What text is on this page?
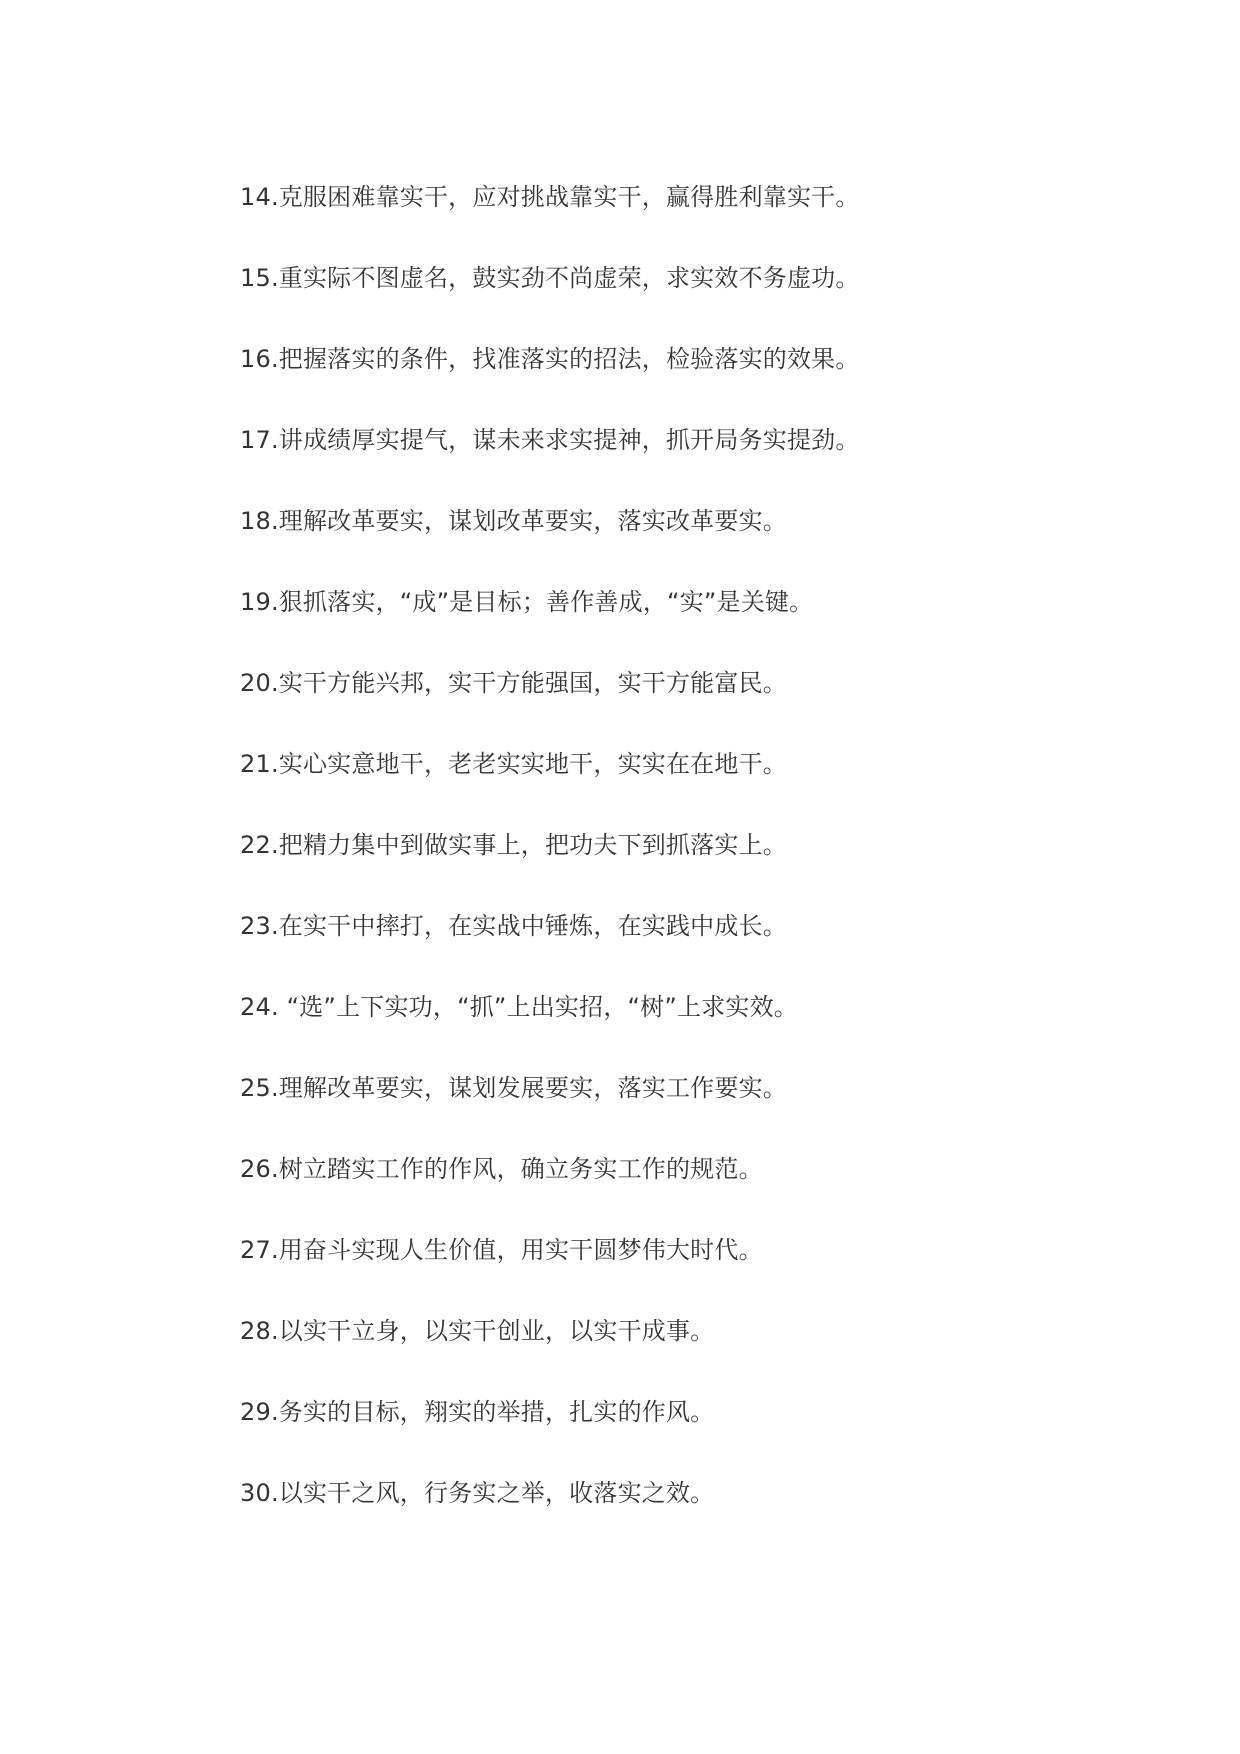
14.克服困难靠实干，应对挑战靠实干，赢得胜利靠实干。

15.重实际不图虚名，鼓实劲不尚虚荣，求实效不务虚功。

16.把握落实的条件，找准落实的招法，检验落实的效果。

17.讲成绩厚实提气，谋未来求实提神，抓开局务实提劲。

18.理解改革要实，谋划改革要实，落实改革要实。

19.狠抓落实，“成”是目标；善作善成，“实”是关键。

20.实干方能兴邦，实干方能强国，实干方能富民。

21.实心实意地干，老老实实地干，实实在在地干。

22.把精力集中到做实事上，把功夫下到抓落实上。

23.在实干中摔打，在实战中锤炼，在实践中成长。

24. “选”上下实功，“抓”上出实招，“树”上求实效。

25.理解改革要实，谋划发展要实，落实工作要实。

26.树立踏实工作的作风，确立务实工作的规范。

27.用奋斗实现人生价值，用实干圆梦伟大时代。

28.以实干立身，以实干创业，以实干成事。

29.务实的目标，翔实的举措，扎实的作风。

30.以实干之风，行务实之举，收落实之效。
